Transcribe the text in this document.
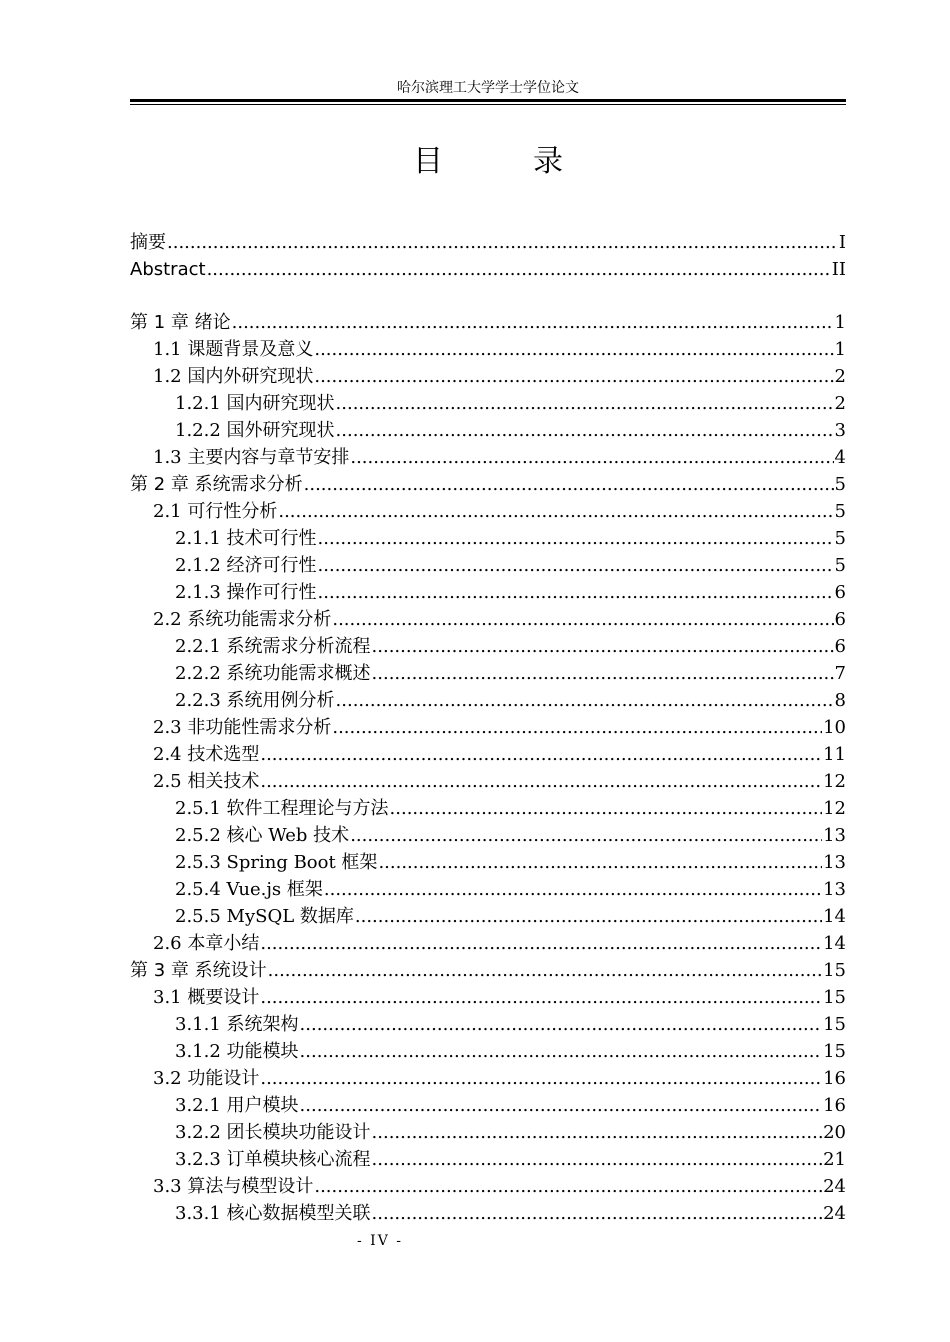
哈尔滨理工大学学士学位论文
目　录
摘要 .....	I
Abstract .....	II
第 1 章 绪论 .....	1
1.1 课题背景及意义 .....	1
1.2 国内外研究现状 .....	2
1.2.1 国内研究现状 .....	2
1.2.2 国外研究现状 .....	3
1.3 主要内容与章节安排 .....	4
第 2 章 系统需求分析 .....	5
2.1 可行性分析 .....	5
2.1.1 技术可行性 .....	5
2.1.2 经济可行性 .....	5
2.1.3 操作可行性 .....	6
2.2 系统功能需求分析 .....	6
2.2.1 系统需求分析流程 .....	6
2.2.2 系统功能需求概述 .....	7
2.2.3 系统用例分析 .....	8
2.3 非功能性需求分析 .....	10
2.4 技术选型 .....	11
2.5 相关技术 .....	12
2.5.1 软件工程理论与方法 .....	12
2.5.2 核心 Web 技术 .....	13
2.5.3 Spring Boot 框架 .....	13
2.5.4 Vue.js 框架 .....	13
2.5.5 MySQL 数据库 .....	14
2.6 本章小结 .....	14
第 3 章 系统设计 .....	15
3.1 概要设计 .....	15
3.1.1 系统架构 .....	15
3.1.2 功能模块 .....	15
3.2 功能设计 .....	16
3.2.1 用户模块 .....	16
3.2.2 团长模块功能设计 .....	20
3.2.3 订单模块核心流程 .....	21
3.3 算法与模型设计 .....	24
3.3.1 核心数据模型关联 .....	24
- IV -
